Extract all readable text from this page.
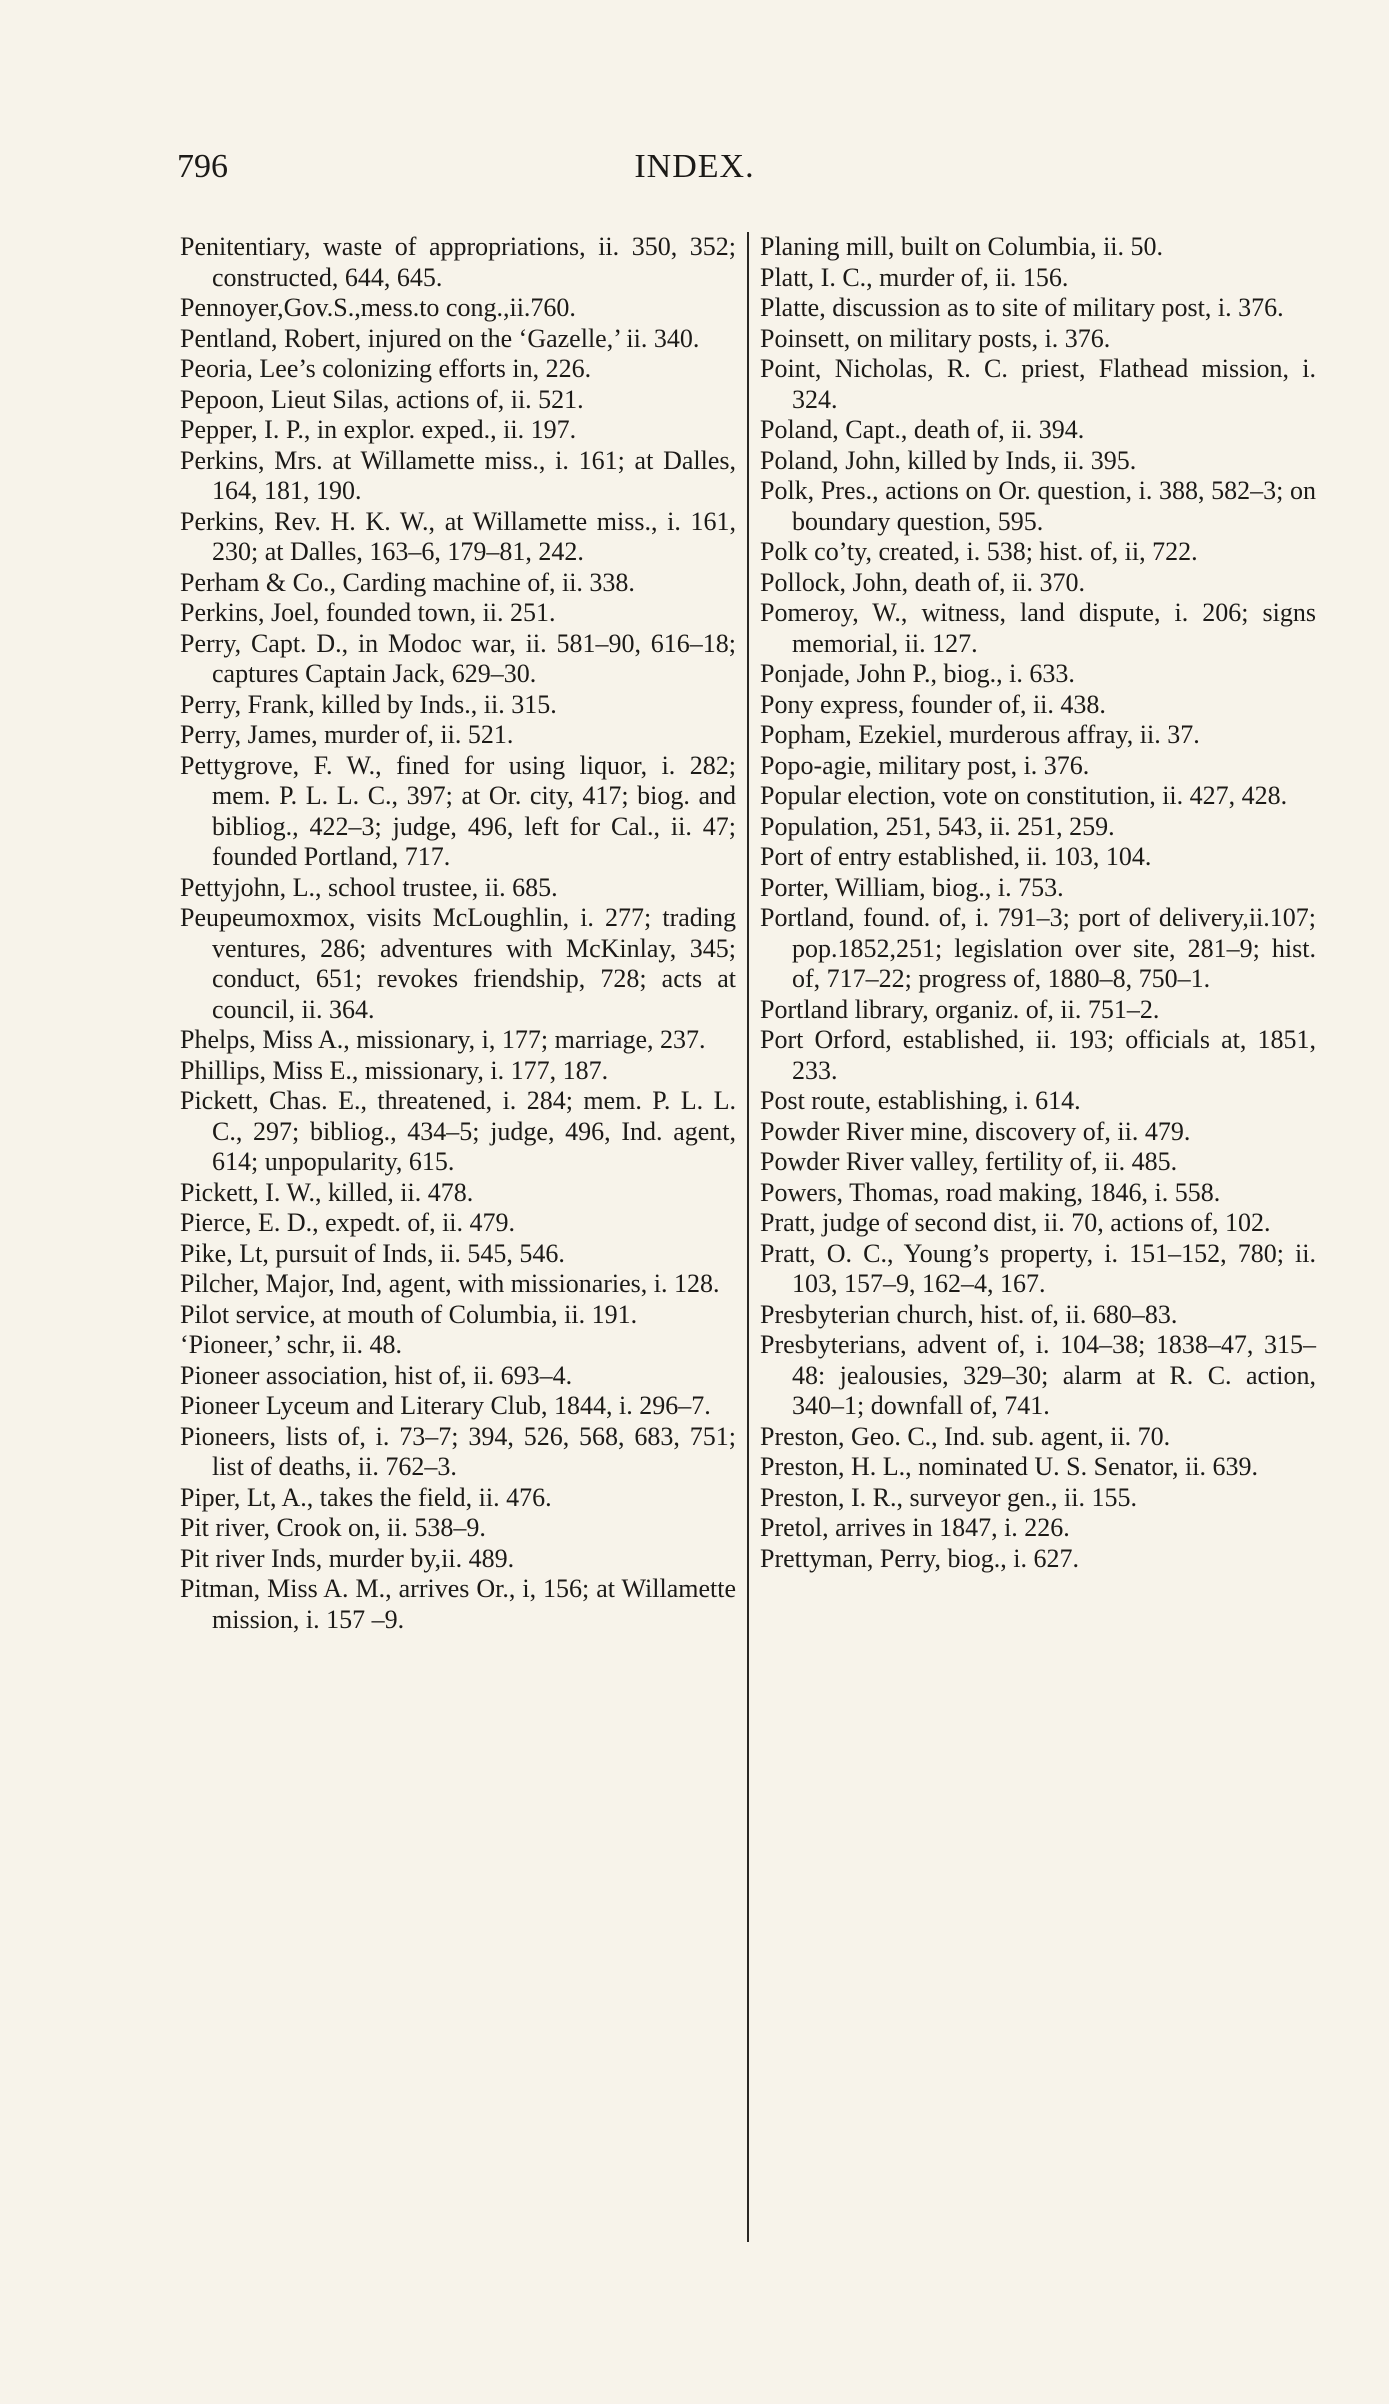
796	INDEX.

Penitentiary, waste of appropriations, ii. 350, 352; constructed, 644, 645.

Pennoyer,Gov.S.,mess.to cong.,ii.760.

Pentland, Robert, injured on the ‘Gazelle,’ ii. 340.

Peoria, Lee’s colonizing efforts in, 226.

Pepoon, Lieut Silas, actions of, ii. 521.

Pepper, I. P., in explor. exped., ii. 197.

Perkins, Mrs. at Willamette miss., i. 161; at Dalles, 164, 181, 190.

Perkins, Rev. H. K. W., at Willamette miss., i. 161, 230; at Dalles, 163–6, 179–81, 242.

Perham & Co., Carding machine of, ii. 338.

Perkins, Joel, founded town, ii. 251.

Perry, Capt. D., in Modoc war, ii. 581–90, 616–18; captures Captain Jack, 629–30.

Perry, Frank, killed by Inds., ii. 315.

Perry, James, murder of, ii. 521.

Pettygrove, F. W., fined for using liquor, i. 282; mem. P. L. L. C., 397; at Or. city, 417; biog. and bibliog., 422–3; judge, 496, left for Cal., ii. 47; founded Portland, 717.

Pettyjohn, L., school trustee, ii. 685.

Peupeumoxmox, visits McLoughlin, i. 277; trading ventures, 286; adventures with McKinlay, 345; conduct, 651; revokes friendship, 728; acts at council, ii. 364.

Phelps, Miss A., missionary, i, 177; marriage, 237.

Phillips, Miss E., missionary, i. 177, 187.

Pickett, Chas. E., threatened, i. 284; mem. P. L. L. C., 297; bibliog., 434–5; judge, 496, Ind. agent, 614; unpopularity, 615.

Pickett, I. W., killed, ii. 478.

Pierce, E. D., expedt. of, ii. 479.

Pike, Lt, pursuit of Inds, ii. 545, 546.

Pilcher, Major, Ind, agent, with missionaries, i. 128.

Pilot service, at mouth of Columbia, ii. 191.

‘Pioneer,’ schr, ii. 48.

Pioneer association, hist of, ii. 693–4.

Pioneer Lyceum and Literary Club, 1844, i. 296–7.

Pioneers, lists of, i. 73–7; 394, 526, 568, 683, 751; list of deaths, ii. 762–3.

Piper, Lt, A., takes the field, ii. 476.

Pit river, Crook on, ii. 538–9.

Pit river Inds, murder by,ii. 489.

Pitman, Miss A. M., arrives Or., i, 156; at Willamette mission, i. 157 –9.

Planing mill, built on Columbia, ii. 50.

Platt, I. C., murder of, ii. 156.

Platte, discussion as to site of military post, i. 376.

Poinsett, on military posts, i. 376.

Point, Nicholas, R. C. priest, Flathead mission, i. 324.

Poland, Capt., death of, ii. 394.

Poland, John, killed by Inds, ii. 395.

Polk, Pres., actions on Or. question, i. 388, 582–3; on boundary question, 595.

Polk co’ty, created, i. 538; hist. of, ii, 722.

Pollock, John, death of, ii. 370.

Pomeroy, W., witness, land dispute, i. 206; signs memorial, ii. 127.

Ponjade, John P., biog., i. 633.

Pony express, founder of, ii. 438.

Popham, Ezekiel, murderous affray, ii. 37.

Popo-agie, military post, i. 376.

Popular election, vote on constitution, ii. 427, 428.

Population, 251, 543, ii. 251, 259.

Port of entry established, ii. 103, 104.

Porter, William, biog., i. 753.

Portland, found. of, i. 791–3; port of delivery,ii.107; pop.1852,251; legislation over site, 281–9; hist. of, 717–22; progress of, 1880–8, 750–1.

Portland library, organiz. of, ii. 751–2.

Port Orford, established, ii. 193; officials at, 1851, 233.

Post route, establishing, i. 614.

Powder River mine, discovery of, ii. 479.

Powder River valley, fertility of, ii. 485.

Powers, Thomas, road making, 1846, i. 558.

Pratt, judge of second dist, ii. 70, actions of, 102.

Pratt, O. C., Young’s property, i. 151–152, 780; ii. 103, 157–9, 162–4, 167.

Presbyterian church, hist. of, ii. 680–83.

Presbyterians, advent of, i. 104–38; 1838–47, 315–48: jealousies, 329–30; alarm at R. C. action, 340–1; downfall of, 741.

Preston, Geo. C., Ind. sub. agent, ii. 70.

Preston, H. L., nominated U. S. Senator, ii. 639.

Preston, I. R., surveyor gen., ii. 155.

Pretol, arrives in 1847, i. 226.

Prettyman, Perry, biog., i. 627.
